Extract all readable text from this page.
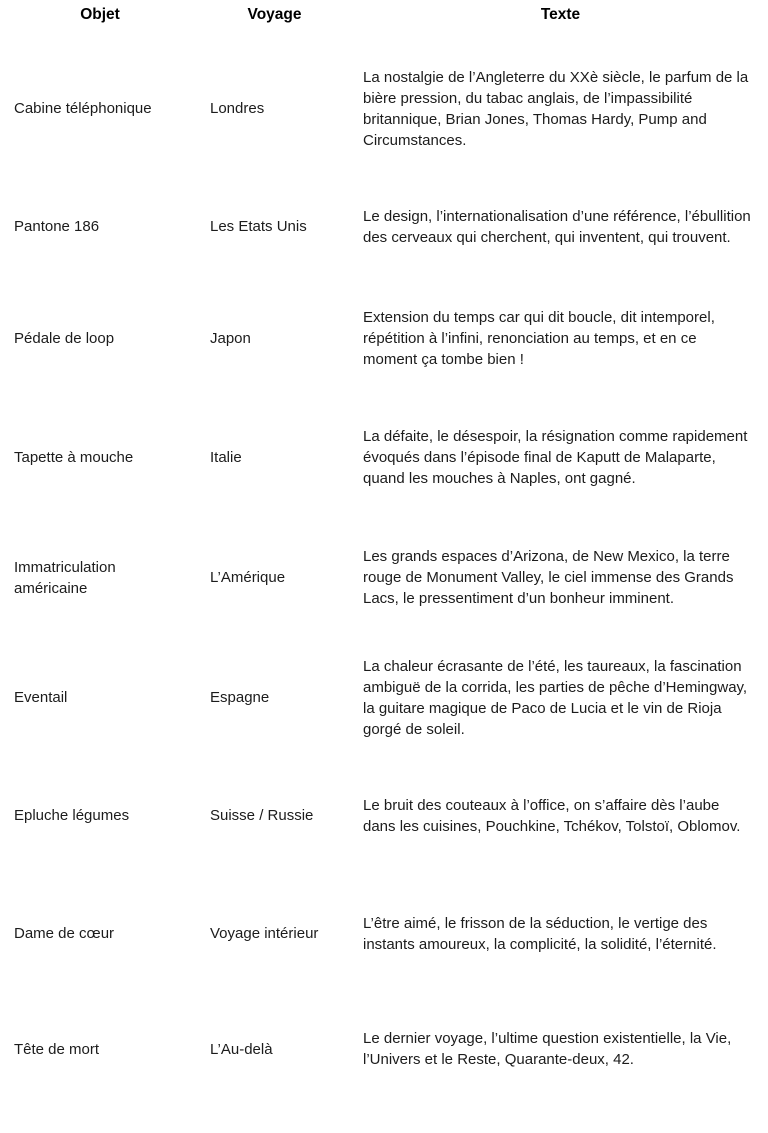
Objet	Voyage	Texte
Cabine téléphonique	Londres	La nostalgie de l’Angleterre du XXè siècle, le parfum de la bière pression, du tabac anglais, de l’impassibilité britannique, Brian Jones, Thomas Hardy, Pump and Circumstances.
Pantone 186	Les Etats Unis	Le design, l’internationalisation d’une référence, l’ébullition des cerveaux qui cherchent, qui inventent, qui trouvent.
Pédale de loop	Japon	Extension du temps car qui dit boucle, dit intemporel, répétition à l’infini, renonciation au temps, et en ce moment ça tombe bien !
Tapette à mouche	Italie	La défaite, le désespoir, la résignation comme rapidement évoqués dans l’épisode final de Kaputt de Malaparte, quand les mouches à Naples, ont gagné.
Immatriculation américaine	L’Amérique	Les grands espaces d’Arizona, de New Mexico, la terre rouge de Monument Valley, le ciel immense des Grands Lacs, le pressentiment d’un bonheur imminent.
Eventail	Espagne	La chaleur écrasante de l’été, les taureaux, la fascination ambiguë de la corrida, les parties de pêche d’Hemingway, la guitare magique de Paco de Lucia et le vin de Rioja gorgé de soleil.
Epluche légumes	Suisse / Russie	Le bruit des couteaux à l’office, on s’affaire dès l’aube dans les cuisines, Pouchkine, Tchékov, Tolstoï, Oblomov.
Dame de cœur	Voyage intérieur	L’être aimé, le frisson de la séduction, le vertige des instants amoureux, la complicité, la solidité, l’éternité.
Tête de mort	L’Au-delà	Le dernier voyage, l’ultime question existentielle, la Vie, l’Univers et le Reste, Quarante-deux, 42.
